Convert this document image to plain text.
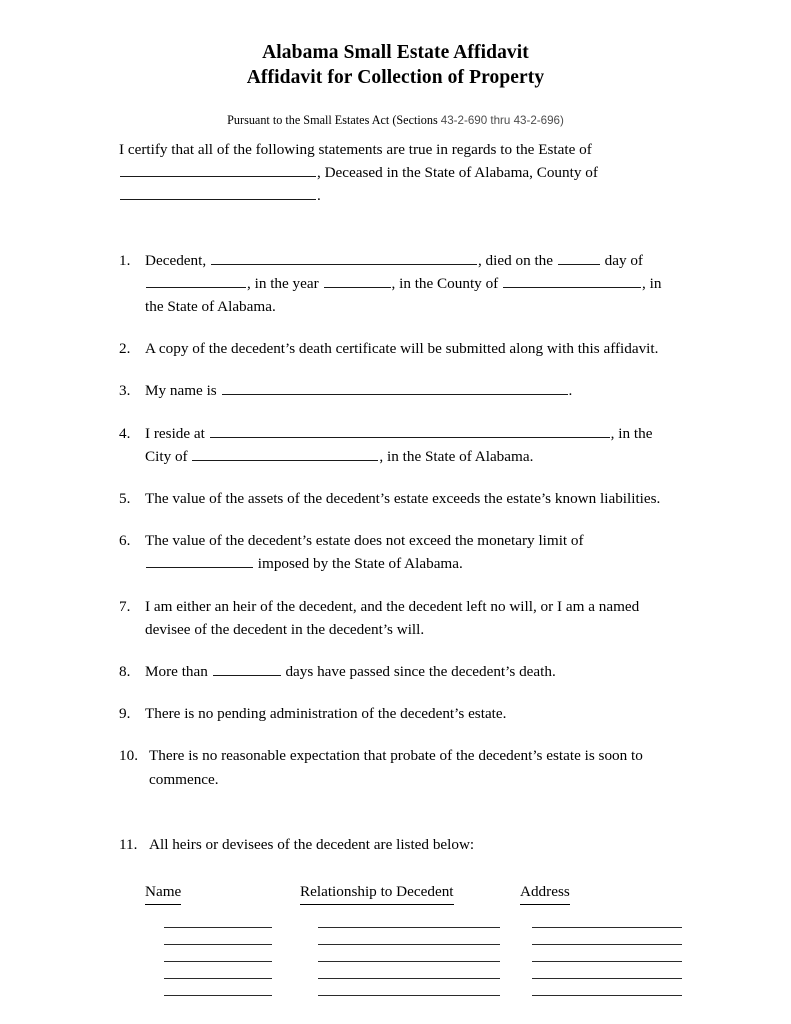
Alabama Small Estate Affidavit
Affidavit for Collection of Property
Pursuant to the Small Estates Act (Sections 43-2-690 thru 43-2-696)

I certify that all of the following statements are true in regards to the Estate of , Deceased in the State of Alabama, County of .

1. Decedent,	, died on the	day of , in the year	, in the County of	, in the State of Alabama.
2. A copy of the decedent’s death certificate will be submitted along with this affidavit.
3. My name is	.
4. I reside at	, in the City of	, in the State of Alabama.
5. The value of the assets of the decedent’s estate exceeds the estate’s known liabilities.
6. The value of the decedent’s estate does not exceed the monetary limit of  imposed by the State of Alabama.
7. I am either an heir of the decedent, and the decedent left no will, or I am a named devisee of the decedent in the decedent’s will.
8. More than	days have passed since the decedent’s death.
9. There is no pending administration of the decedent’s estate.
10. There is no reasonable expectation that probate of the decedent’s estate is soon to commence.
11. All heirs or devisees of the decedent are listed below:
Name	Relationship to Decedent	Address
